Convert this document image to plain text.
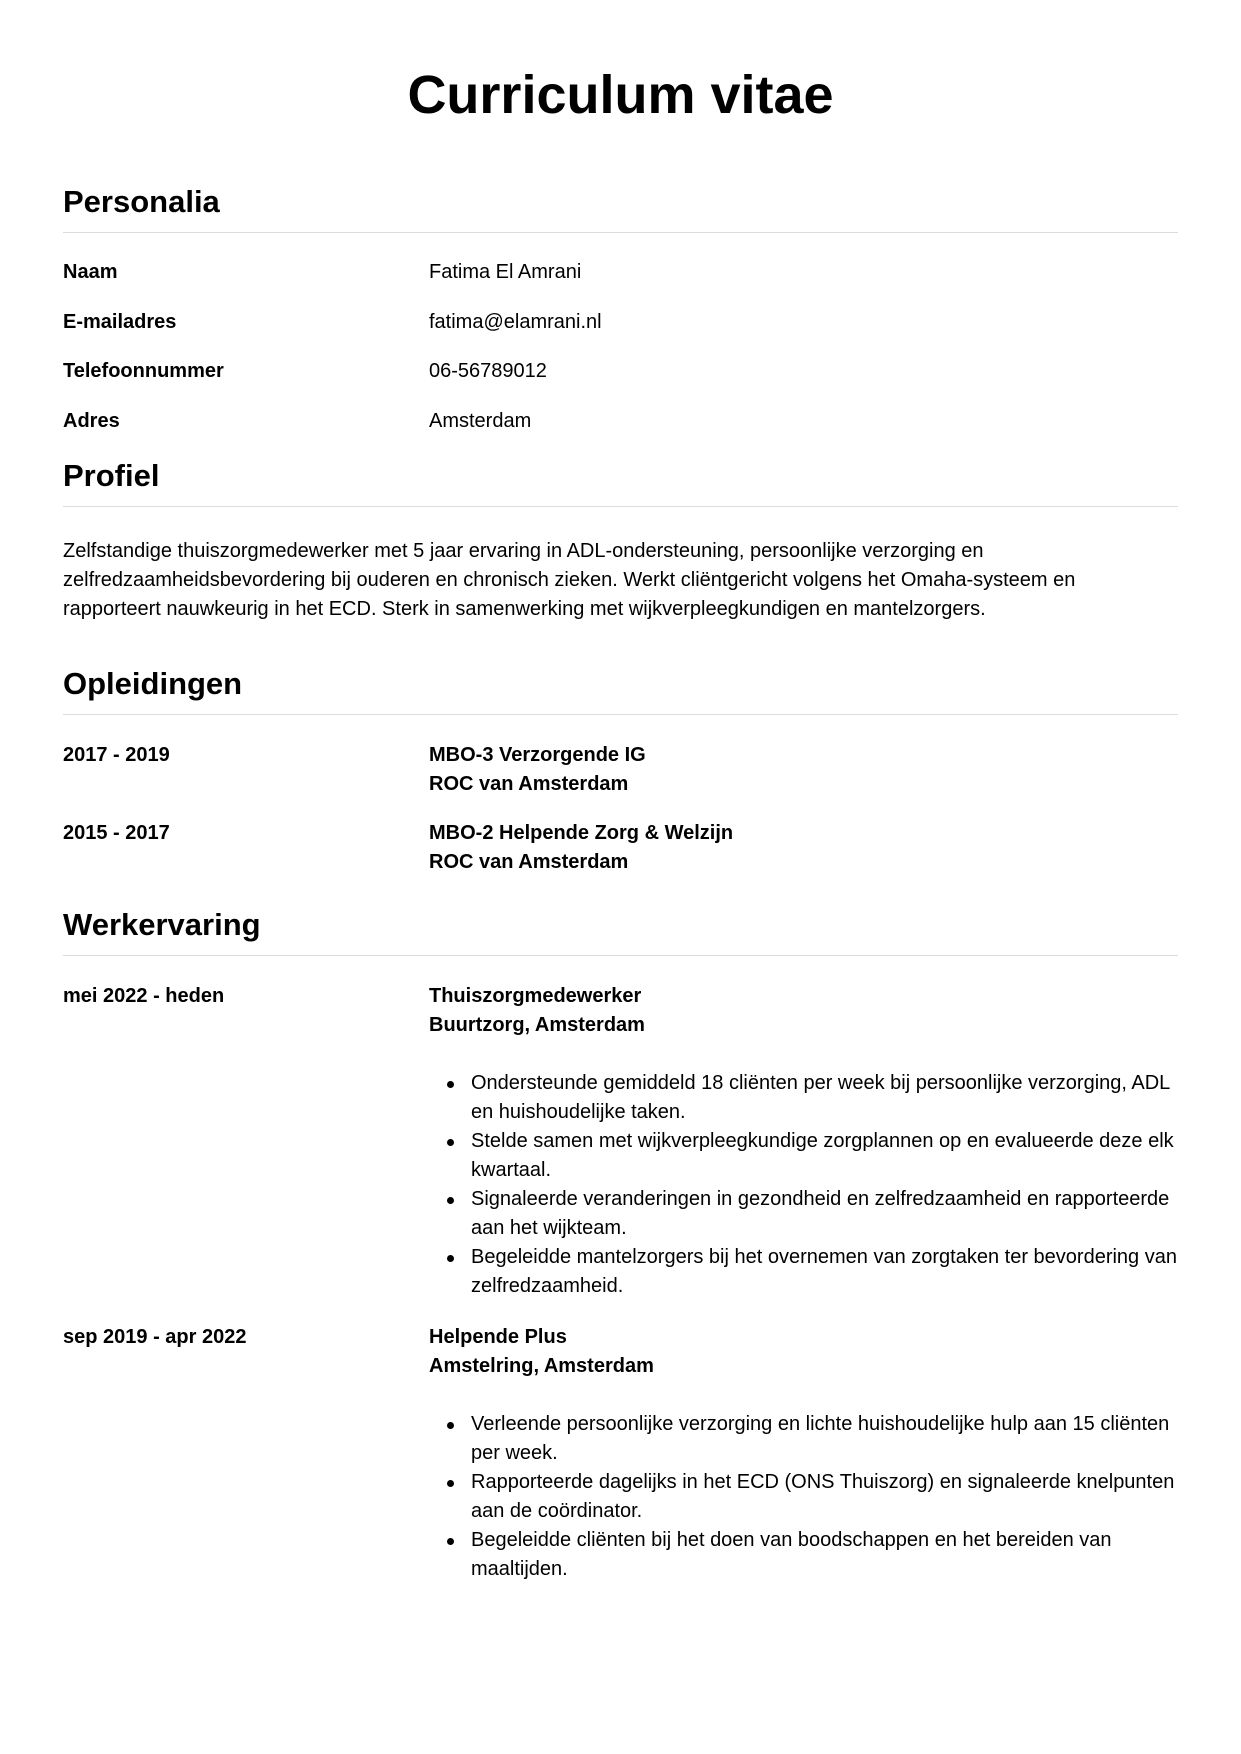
Curriculum vitae
Personalia
Naam	Fatima El Amrani
E-mailadres	fatima@elamrani.nl
Telefoonnummer	06-56789012
Adres	Amsterdam
Profiel

Zelfstandige thuiszorgmedewerker met 5 jaar ervaring in ADL-ondersteuning, persoonlijke verzorging en zelfredzaamheidsbevordering bij ouderen en chronisch zieken. Werkt cliëntgericht volgens het Omaha-systeem en rapporteert nauwkeurig in het ECD. Sterk in samenwerking met wijkverpleegkundigen en mantelzorgers.

Opleidingen
2017 - 2019	MBO-3 Verzorgende IG
ROC van Amsterdam
2015 - 2017	MBO-2 Helpende Zorg & Welzijn
ROC van Amsterdam
Werkervaring
mei 2022 - heden	Thuiszorgmedewerker
Buurtzorg, Amsterdam
Ondersteunde gemiddeld 18 cliënten per week bij persoonlijke verzorging, ADL en huishoudelijke taken.
Stelde samen met wijkverpleegkundige zorgplannen op en evalueerde deze elk kwartaal.
Signaleerde veranderingen in gezondheid en zelfredzaamheid en rapporteerde aan het wijkteam.
Begeleidde mantelzorgers bij het overnemen van zorgtaken ter bevordering van zelfredzaamheid.
sep 2019 - apr 2022	Helpende Plus
Amstelring, Amsterdam
Verleende persoonlijke verzorging en lichte huishoudelijke hulp aan 15 cliënten per week.
Rapporteerde dagelijks in het ECD (ONS Thuiszorg) en signaleerde knelpunten aan de coördinator.
Begeleidde cliënten bij het doen van boodschappen en het bereiden van maaltijden.
